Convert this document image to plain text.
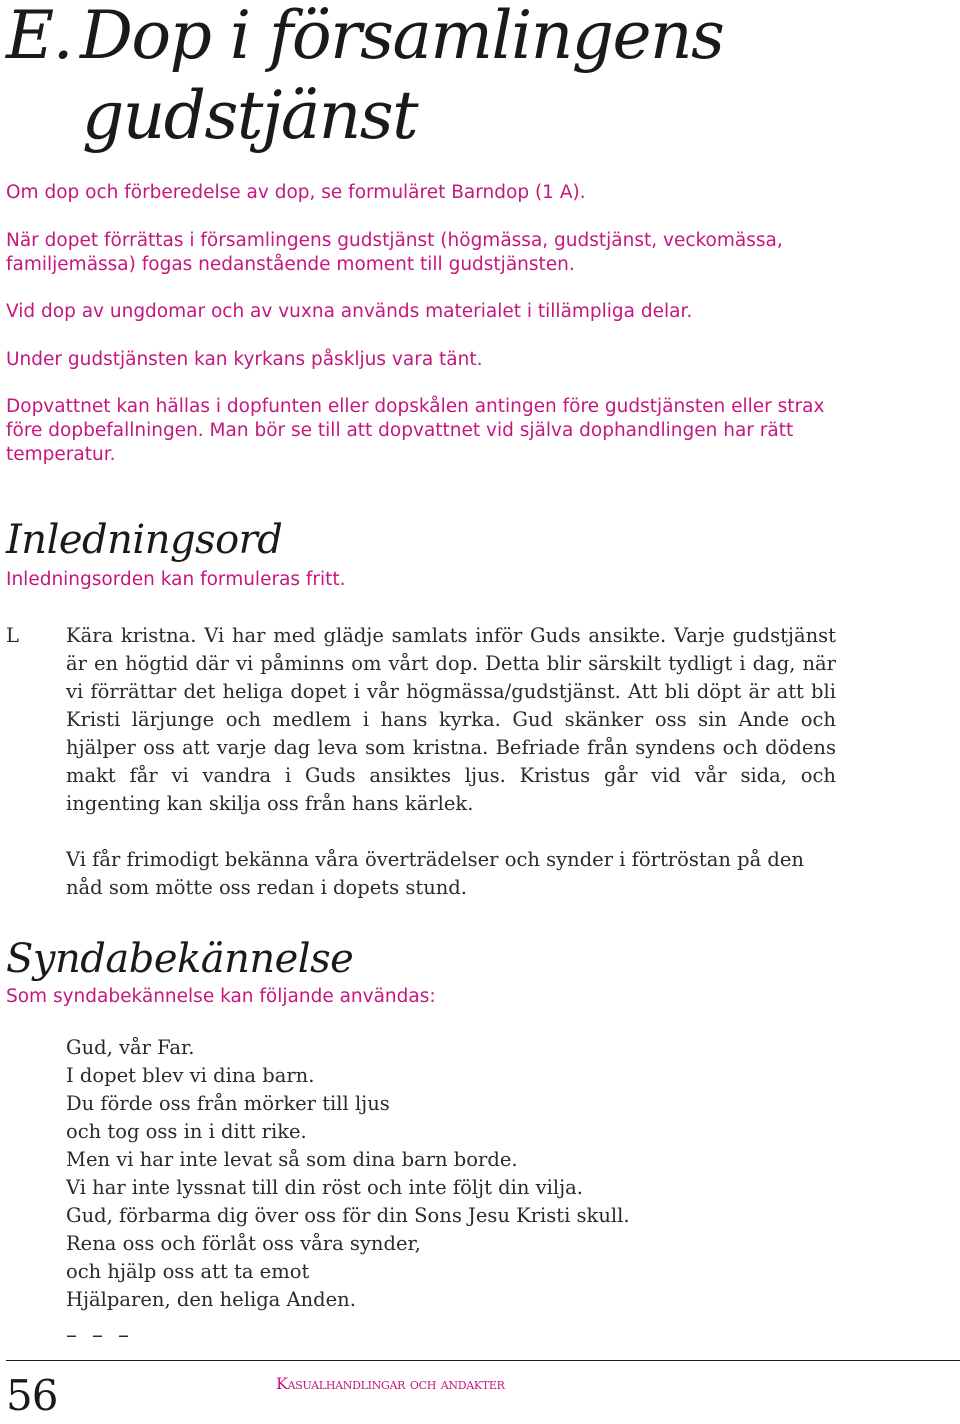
E. Dop i församlingens
gudstjänst

Om dop och förberedelse av dop, se formuläret Barndop (1 A).

När dopet förrättas i församlingens gudstjänst (högmässa, gudstjänst, veckomässa, familjemässa) fogas nedanstående moment till gudstjänsten.

Vid dop av ungdomar och av vuxna används materialet i tillämpliga delar.

Under gudstjänsten kan kyrkans påskljus vara tänt.

Dopvattnet kan hällas i dopfunten eller dopskålen antingen före gudstjänsten eller strax före dopbefallningen. Man bör se till att dopvattnet vid själva dophandlingen har rätt temperatur.

Inledningsord

Inledningsorden kan formuleras fritt.

L Kära kristna. Vi har med glädje samlats inför Guds ansikte. Varje gudstjänst är en högtid där vi påminns om vårt dop. Detta blir särskilt tydligt i dag, när vi förrättar det heliga dopet i vår högmässa/gudstjänst. Att bli döpt är att bli Kristi lärjunge och medlem i hans kyrka. Gud skänker oss sin Ande och hjälper oss att varje dag leva som kristna. Befriade från syndens och dödens makt får vi vandra i Guds ansiktes ljus. Kristus går vid vår sida, och ingenting kan skilja oss från hans kärlek.

Vi får frimodigt bekänna våra överträdelser och synder i förtröstan på den nåd som mötte oss redan i dopets stund.

Syndabekännelse

Som syndabekännelse kan följande användas:

Gud, vår Far.
I dopet blev vi dina barn.
Du förde oss från mörker till ljus
och tog oss in i ditt rike.
Men vi har inte levat så som dina barn borde.
Vi har inte lyssnat till din röst och inte följt din vilja.
Gud, förbarma dig över oss för din Sons Jesu Kristi skull.
Rena oss och förlåt oss våra synder,
och hjälp oss att ta emot
Hjälparen, den heliga Anden.
– – –
56	Kasualhandlingar och andakter
